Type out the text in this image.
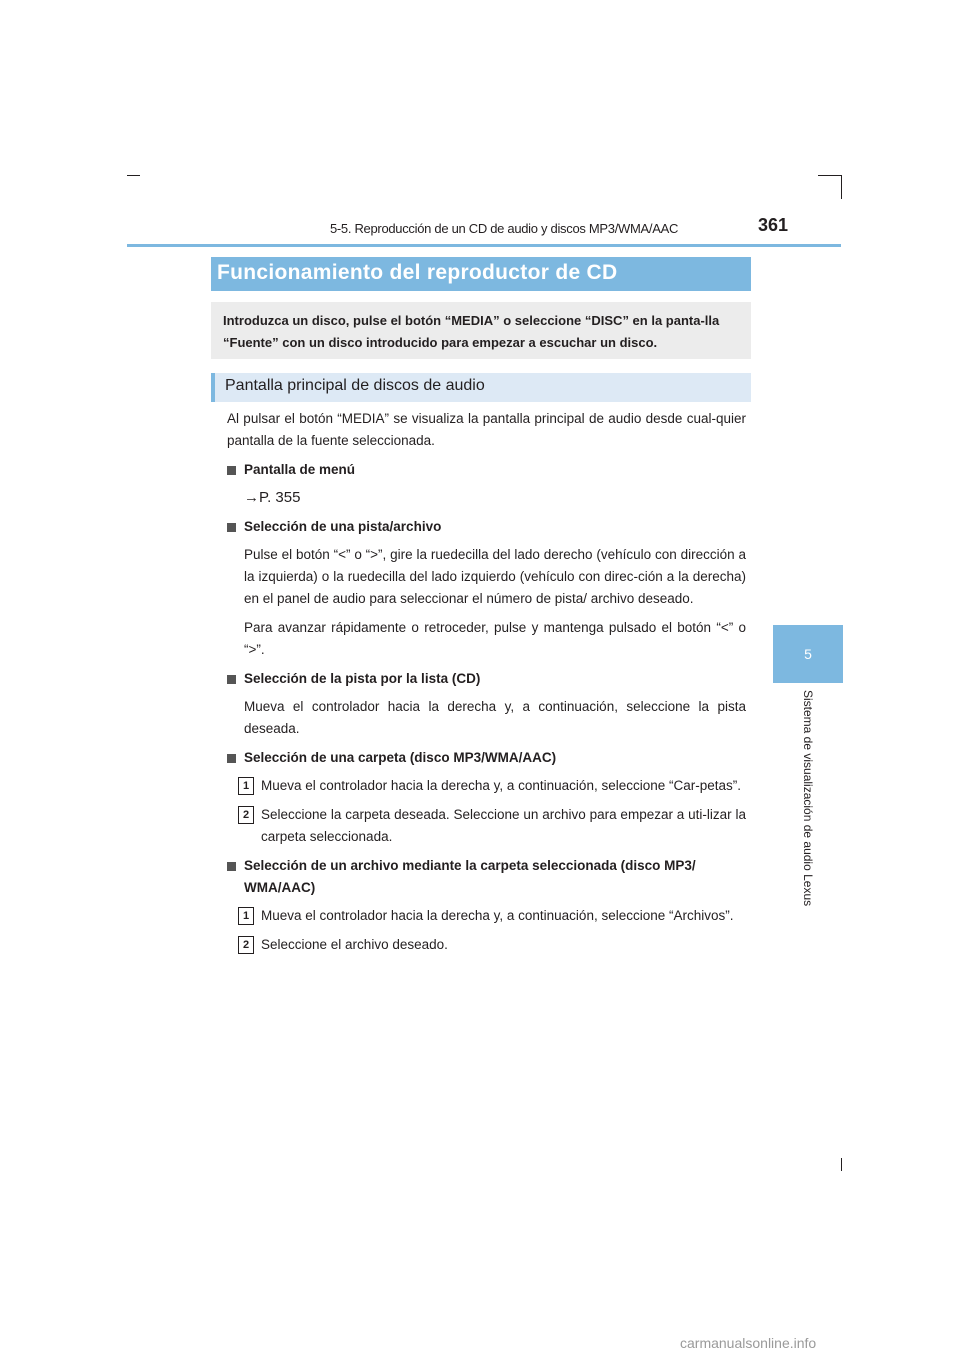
5-5. Reproducción de un CD de audio y discos MP3/WMA/AAC	361
5
Sistema de visualización de audio Lexus
Funcionamiento del reproductor de CD
Introduzca un disco, pulse el botón “MEDIA” o seleccione “DISC” en la panta-lla “Fuente” con un disco introducido para empezar a escuchar un disco.
Pantalla principal de discos de audio

Al pulsar el botón “MEDIA” se visualiza la pantalla principal de audio desde cual-quier pantalla de la fuente seleccionada.

Pantalla de menú

→P. 355

Selección de una pista/archivo

Pulse el botón “<” o “>”, gire la ruedecilla del lado derecho (vehículo con dirección a la izquierda) o la ruedecilla del lado izquierdo (vehículo con direc-ción a la derecha) en el panel de audio para seleccionar el número de pista/ archivo deseado.

Para avanzar rápidamente o retroceder, pulse y mantenga pulsado el botón “<” o “>”.

Selección de la pista por la lista (CD)

Mueva el controlador hacia la derecha y, a continuación, seleccione la pista deseada.

Selección de una carpeta (disco MP3/WMA/AAC)
1 Mueva el controlador hacia la derecha y, a continuación, seleccione “Car-petas”.
2 Seleccione la carpeta deseada. Seleccione un archivo para empezar a uti-lizar la carpeta seleccionada.
Selección de un archivo mediante la carpeta seleccionada (disco MP3/ WMA/AAC)
1 Mueva el controlador hacia la derecha y, a continuación, seleccione “Archivos”.
2 Seleccione el archivo deseado.
carmanualsonline.info
